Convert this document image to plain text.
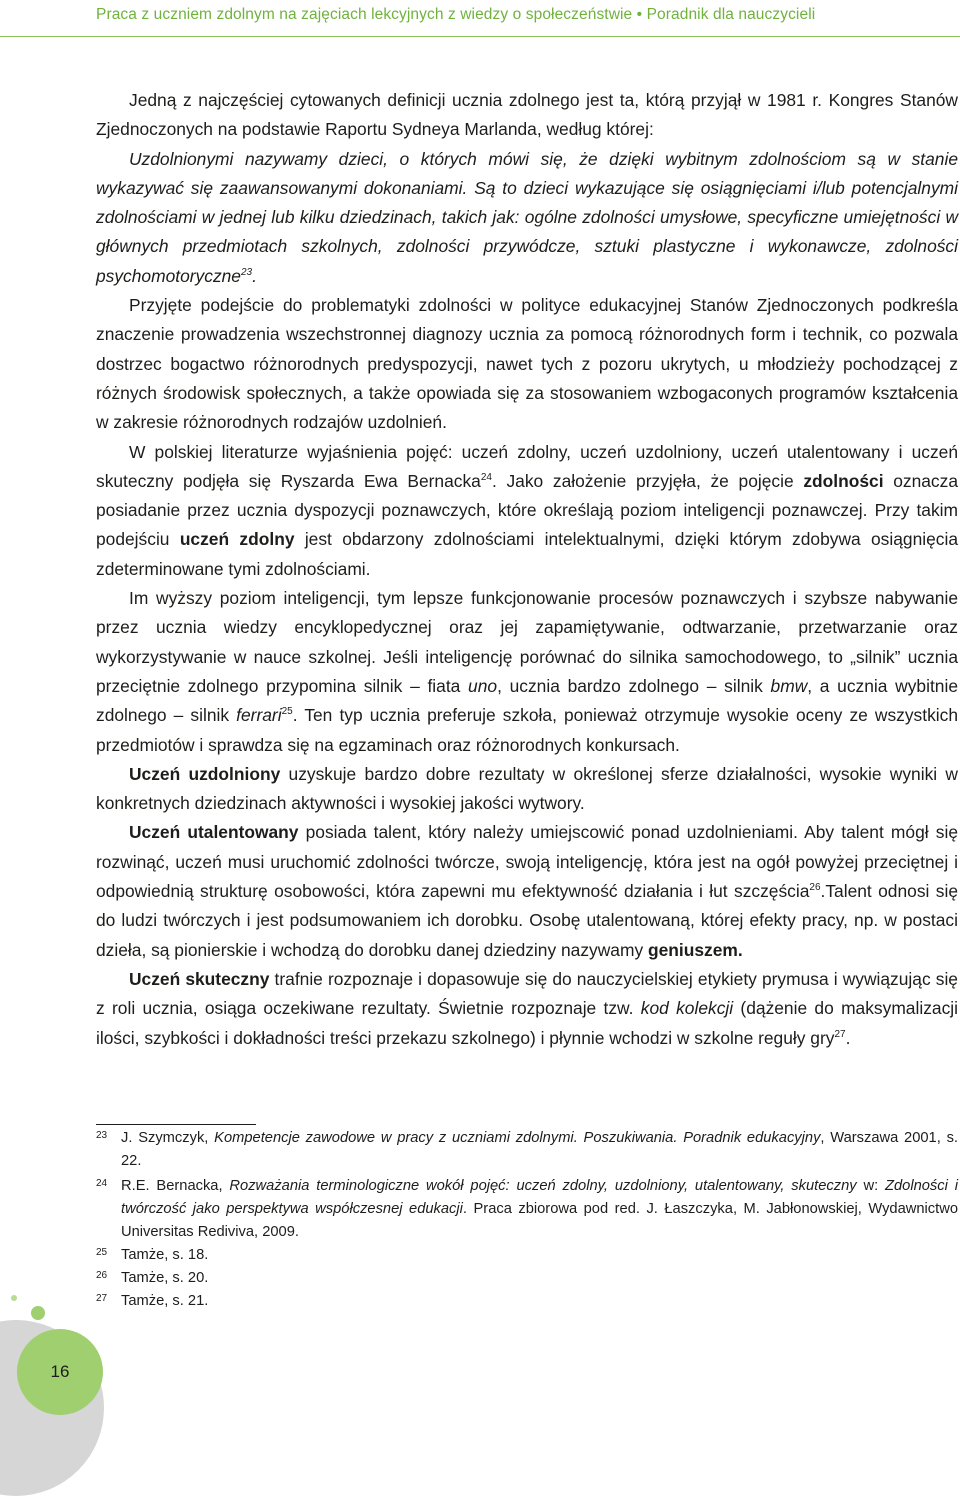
Praca z uczniem zdolnym na zajęciach lekcyjnych z wiedzy o społeczeństwie • Poradnik dla nauczycieli

Jedną z najczęściej cytowanych definicji ucznia zdolnego jest ta, którą przyjął w 1981 r. Kongres Stanów Zjednoczonych na podstawie Raportu Sydneya Marlanda, według której:

Uzdolnionymi nazywamy dzieci, o których mówi się, że dzięki wybitnym zdolnościom są w stanie wykazywać się zaawansowanymi dokonaniami. Są to dzieci wykazujące się osiągnięciami i/lub potencjalnymi zdolnościami w jednej lub kilku dziedzinach, takich jak: ogólne zdolności umysłowe, specyficzne umiejętności w głównych przedmiotach szkolnych, zdolności przywódcze, sztuki plastyczne i wykonawcze, zdolności psychomotoryczne$^{23}$.

Przyjęte podejście do problematyki zdolności w polityce edukacyjnej Stanów Zjednoczonych podkreśla znaczenie prowadzenia wszechstronnej diagnozy ucznia za pomocą różnorodnych form i technik, co pozwala dostrzec bogactwo różnorodnych predyspozycji, nawet tych z pozoru ukrytych, u młodzieży pochodzącej z różnych środowisk społecznych, a także opowiada się za stosowaniem wzbogaconych programów kształcenia w zakresie różnorodnych rodzajów uzdolnień.

W polskiej literaturze wyjaśnienia pojęć: uczeń zdolny, uczeń uzdolniony, uczeń utalentowany i uczeń skuteczny podjęła się Ryszarda Ewa Bernacka$^{24}$. Jako założenie przyjęła, że pojęcie zdolności oznacza posiadanie przez ucznia dyspozycji poznawczych, które określają poziom inteligencji poznawczej. Przy takim podejściu uczeń zdolny jest obdarzony zdolnościami intelektualnymi, dzięki którym zdobywa osiągnięcia zdeterminowane tymi zdolnościami.

Im wyższy poziom inteligencji, tym lepsze funkcjonowanie procesów poznawczych i szybsze nabywanie przez ucznia wiedzy encyklopedycznej oraz jej zapamiętywanie, odtwarzanie, przetwarzanie oraz wykorzystywanie w nauce szkolnej. Jeśli inteligencję porównać do silnika samochodowego, to „silnik” ucznia przeciętnie zdolnego przypomina silnik – fiata uno, ucznia bardzo zdolnego – silnik bmw, a ucznia wybitnie zdolnego – silnik ferrari$^{25}$. Ten typ ucznia preferuje szkoła, ponieważ otrzymuje wysokie oceny ze wszystkich przedmiotów i sprawdza się na egzaminach oraz różnorodnych konkursach.

Uczeń uzdolniony uzyskuje bardzo dobre rezultaty w określonej sferze działalności, wysokie wyniki w konkretnych dziedzinach aktywności i wysokiej jakości wytwory.

Uczeń utalentowany posiada talent, który należy umiejscowić ponad uzdolnieniami. Aby talent mógł się rozwinąć, uczeń musi uruchomić zdolności twórcze, swoją inteligencję, która jest na ogół powyżej przeciętnej i odpowiednią strukturę osobowości, która zapewni mu efektywność działania i łut szczęścia$^{26}$.Talent odnosi się do ludzi twórczych i jest podsumowaniem ich dorobku. Osobę utalentowaną, której efekty pracy, np. w postaci dzieła, są pionierskie i wchodzą do dorobku danej dziedziny nazywamy geniuszem.

Uczeń skuteczny trafnie rozpoznaje i dopasowuje się do nauczycielskiej etykiety prymusa i wywiązując się z roli ucznia, osiąga oczekiwane rezultaty. Świetnie rozpoznaje tzw. kod kolekcji (dążenie do maksymalizacji ilości, szybkości i dokładności treści przekazu szkolnego) i płynnie wchodzi w szkolne reguły gry$^{27}$.

23 J. Szymczyk, Kompetencje zawodowe w pracy z uczniami zdolnymi. Poszukiwania. Poradnik edukacyjny, Warszawa 2001, s. 22.

24 R.E. Bernacka, Rozważania terminologiczne wokół pojęć: uczeń zdolny, uzdolniony, utalentowany, skuteczny w: Zdolności i twórczość jako perspektywa współczesnej edukacji. Praca zbiorowa pod red. J. Łaszczyka, M. Jabłonowskiej, Wydawnictwo Universitas Rediviva, 2009.

25 Tamże, s. 18.

26 Tamże, s. 20.

27 Tamże, s. 21.

16
